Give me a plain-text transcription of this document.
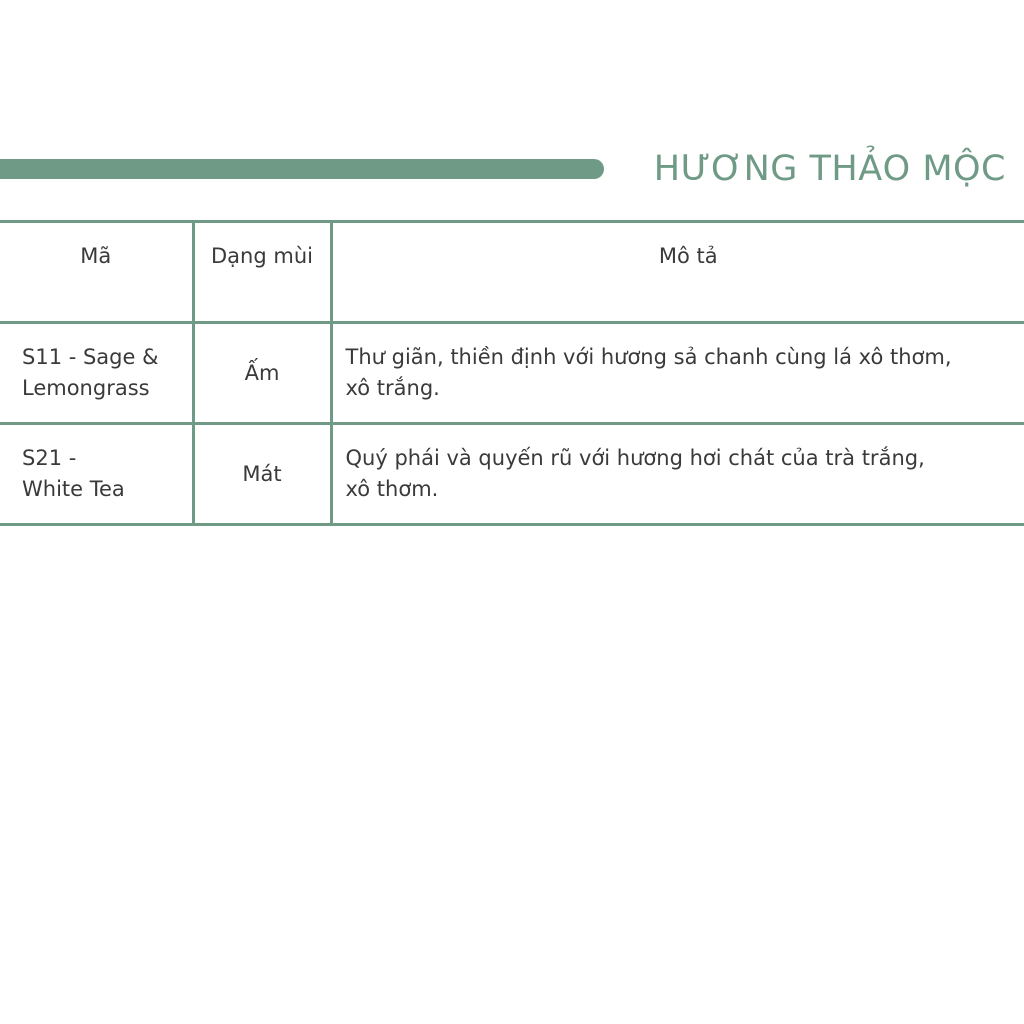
HƯƠNG THẢO MỘC
Mã	Dạng mùi	Mô tả

S11 - Sage &
Lemongrass	Ấm	Thư giãn, thiền định với hương sả chanh cùng lá xô thơm,
xô trắng.

S21 -
White Tea	Mát	Quý phái và quyến rũ với hương hơi chát của trà trắng,
xô thơm.
